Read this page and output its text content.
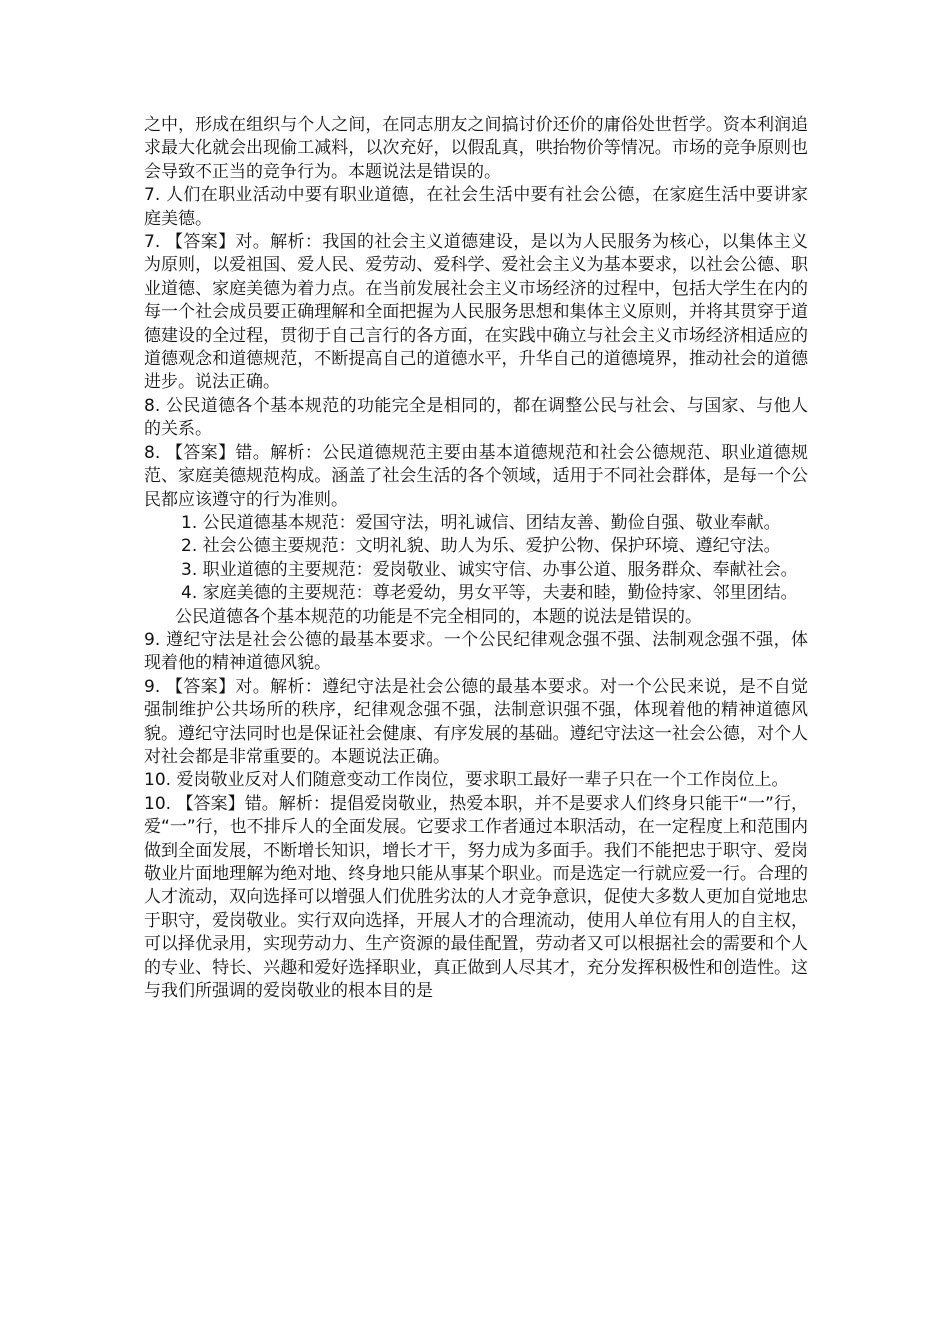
之中，形成在组织与个人之间，在同志朋友之间搞讨价还价的庸俗处世哲学。资本利润追求最大化就会出现偷工减料，以次充好，以假乱真，哄抬物价等情况。市场的竞争原则也会导致不正当的竞争行为。本题说法是错误的。

7. 人们在职业活动中要有职业道德，在社会生活中要有社会公德，在家庭生活中要讲家庭美德。

7. 【答案】对。解析：我国的社会主义道德建设，是以为人民服务为核心，以集体主义为原则，以爱祖国、爱人民、爱劳动、爱科学、爱社会主义为基本要求，以社会公德、职业道德、家庭美德为着力点。在当前发展社会主义市场经济的过程中，包括大学生在内的每一个社会成员要正确理解和全面把握为人民服务思想和集体主义原则，并将其贯穿于道德建设的全过程，贯彻于自己言行的各方面，在实践中确立与社会主义市场经济相适应的道德观念和道德规范，不断提高自己的道德水平，升华自己的道德境界，推动社会的道德进步。说法正确。

8. 公民道德各个基本规范的功能完全是相同的，都在调整公民与社会、与国家、与他人的关系。

8. 【答案】错。解析：公民道德规范主要由基本道德规范和社会公德规范、职业道德规范、家庭美德规范构成。涵盖了社会生活的各个领域，适用于不同社会群体，是每一个公民都应该遵守的行为准则。

1. 公民道德基本规范：爱国守法，明礼诚信、团结友善、勤俭自强、敬业奉献。

2. 社会公德主要规范：文明礼貌、助人为乐、爱护公物、保护环境、遵纪守法。

3. 职业道德的主要规范：爱岗敬业、诚实守信、办事公道、服务群众、奉献社会。

4. 家庭美德的主要规范：尊老爱幼，男女平等，夫妻和睦，勤俭持家、邻里团结。

公民道德各个基本规范的功能是不完全相同的，本题的说法是错误的。

9. 遵纪守法是社会公德的最基本要求。一个公民纪律观念强不强、法制观念强不强，体现着他的精神道德风貌。

9. 【答案】对。解析：遵纪守法是社会公德的最基本要求。对一个公民来说，是不自觉强制维护公共场所的秩序，纪律观念强不强，法制意识强不强，体现着他的精神道德风貌。遵纪守法同时也是保证社会健康、有序发展的基础。遵纪守法这一社会公德，对个人对社会都是非常重要的。本题说法正确。

10. 爱岗敬业反对人们随意变动工作岗位，要求职工最好一辈子只在一个工作岗位上。

10. 【答案】错。解析：提倡爱岗敬业，热爱本职，并不是要求人们终身只能干“一”行，爱“一”行，也不排斥人的全面发展。它要求工作者通过本职活动，在一定程度上和范围内做到全面发展，不断增长知识，增长才干，努力成为多面手。我们不能把忠于职守、爱岗敬业片面地理解为绝对地、终身地只能从事某个职业。而是选定一行就应爱一行。合理的人才流动，双向选择可以增强人们优胜劣汰的人才竞争意识，促使大多数人更加自觉地忠于职守，爱岗敬业。实行双向选择，开展人才的合理流动，使用人单位有用人的自主权，可以择优录用，实现劳动力、生产资源的最佳配置，劳动者又可以根据社会的需要和个人的专业、特长、兴趣和爱好选择职业，真正做到人尽其才，充分发挥积极性和创造性。这与我们所强调的爱岗敬业的根本目的是
